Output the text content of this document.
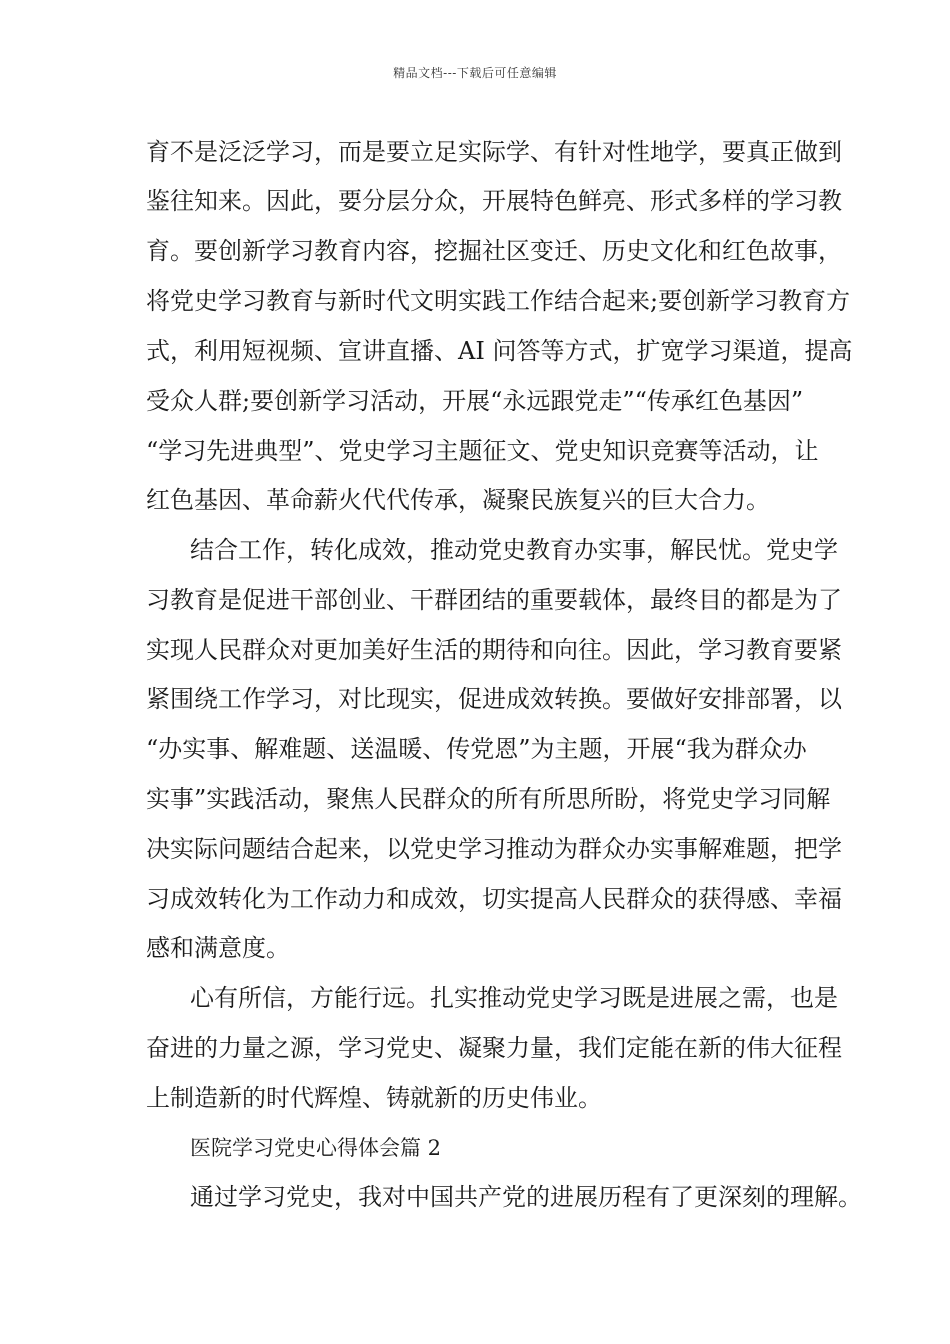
精品文档---下载后可任意编辑
育不是泛泛学习，而是要立足实际学、有针对性地学，要真正做到
鉴往知来。因此，要分层分众，开展特色鲜亮、形式多样的学习教
育。要创新学习教育内容，挖掘社区变迁、历史文化和红色故事，
将党史学习教育与新时代文明实践工作结合起来;要创新学习教育方
式，利用短视频、宣讲直播、AI 问答等方式，扩宽学习渠道，提高
受众人群;要创新学习活动，开展“永远跟党走”“传承红色基因”
“学习先进典型”、党史学习主题征文、党史知识竞赛等活动，让
红色基因、革命薪火代代传承，凝聚民族复兴的巨大合力。
结合工作，转化成效，推动党史教育办实事，解民忧。党史学
习教育是促进干部创业、干群团结的重要载体，最终目的都是为了
实现人民群众对更加美好生活的期待和向往。因此，学习教育要紧
紧围绕工作学习，对比现实，促进成效转换。要做好安排部署，以
“办实事、解难题、送温暖、传党恩”为主题，开展“我为群众办
实事”实践活动，聚焦人民群众的所有所思所盼，将党史学习同解
决实际问题结合起来，以党史学习推动为群众办实事解难题，把学
习成效转化为工作动力和成效，切实提高人民群众的获得感、幸福
感和满意度。
心有所信，方能行远。扎实推动党史学习既是进展之需，也是
奋进的力量之源，学习党史、凝聚力量，我们定能在新的伟大征程
上制造新的时代辉煌、铸就新的历史伟业。
医院学习党史心得体会篇 2
通过学习党史，我对中国共产党的进展历程有了更深刻的理解。
